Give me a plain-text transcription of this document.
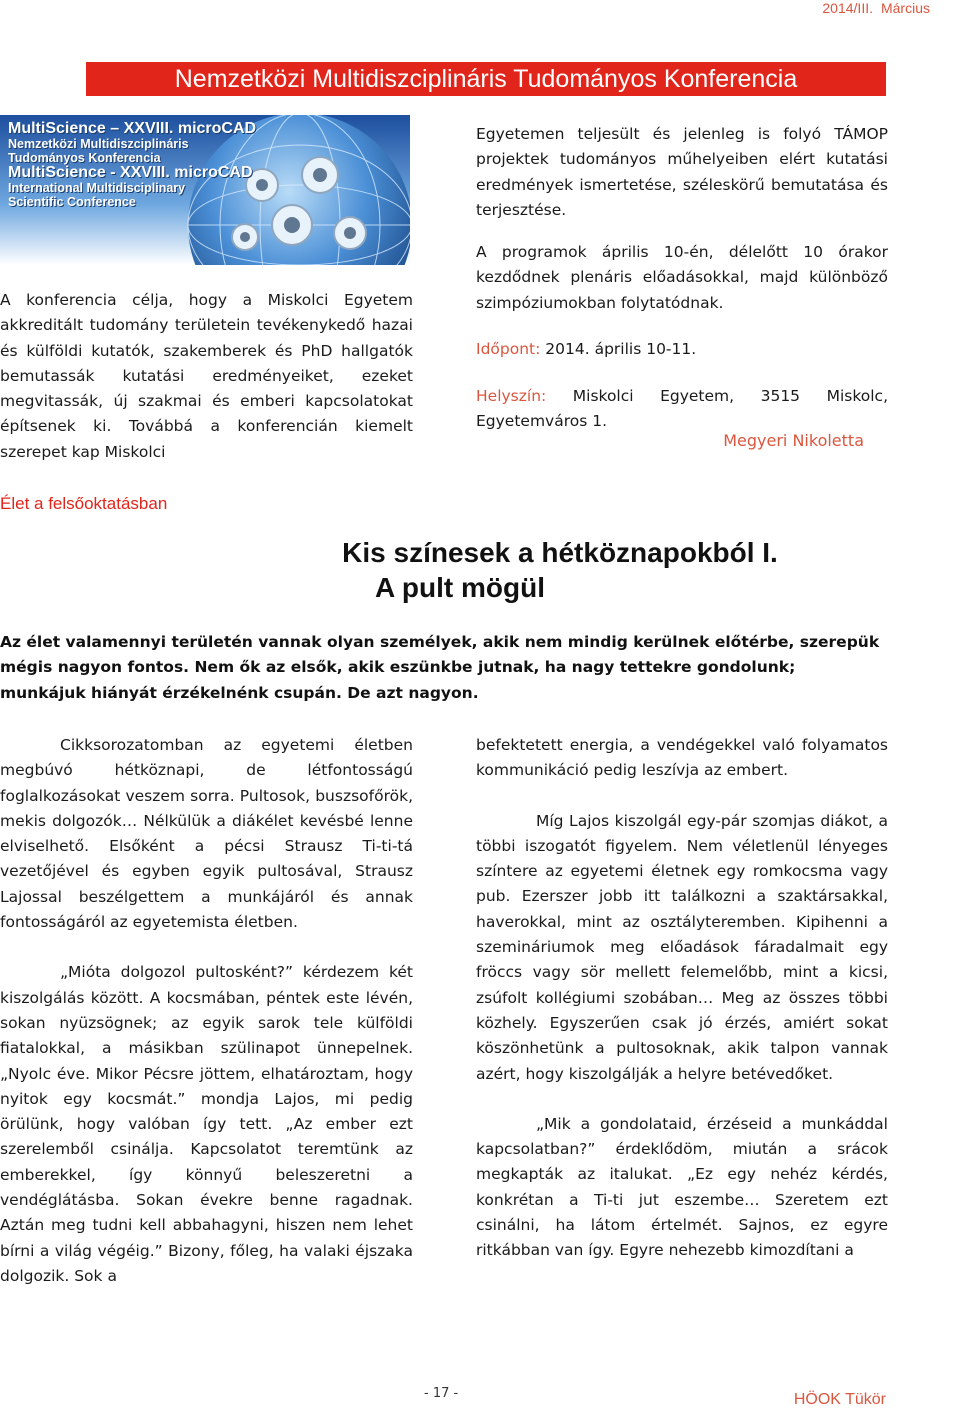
2014/III. Március
Nemzetközi Multidiszciplináris Tudományos Konferencia
MultiScience – XXVIII. microCAD
Nemzetközi Multidiszciplináris
Tudományos Konferencia
MultiScience - XXVIII. microCAD
International Multidisciplinary
Scientific Conference
A konferencia célja, hogy a Miskolci Egyetem akkreditált tudomány területein tevékenykedő hazai és külföldi kutatók, szakemberek és PhD hallgatók bemutassák kutatási eredményeiket, ezeket megvitassák, új szakmai és emberi kapcsolatokat építsenek ki. Továbbá a konferencián kiemelt szerepet kap Miskolci
Egyetemen teljesült és jelenleg is folyó TÁMOP projektek tudományos műhelyeiben elért kutatási eredmények ismertetése, széleskörű bemutatása és terjesztése.
A programok április 10-én, délelőtt 10 órakor kezdődnek plenáris előadásokkal, majd különböző szimpóziumokban folytatódnak.
Időpont: 2014. április 10-11.
Helyszín: Miskolci Egyetem, 3515 Miskolc, Egyetemváros 1.
Megyeri Nikoletta
Élet a felsőoktatásban
Kis színesek a hétköznapokból I.
A pult mögül
Az élet valamennyi területén vannak olyan személyek, akik nem mindig kerülnek előtérbe, szerepük mégis nagyon fontos. Nem ők az elsők, akik eszünkbe jutnak, ha nagy tettekre gondolunk; munkájuk hiányát érzékelnénk csupán. De azt nagyon.

Cikksorozatomban az egyetemi életben megbúvó hétköznapi, de létfontosságú foglalkozásokat veszem sorra. Pultosok, buszsofőrök, mekis dolgozók… Nélkülük a diákélet kevésbé lenne elviselhető. Elsőként a pécsi Strausz Ti-ti-tá vezetőjével és egyben egyik pultosával, Strausz Lajossal beszélgettem a munkájáról és annak fontosságáról az egyetemista életben.

„Mióta dolgozol pultosként?” kérdezem két kiszolgálás között. A kocsmában, péntek este lévén, sokan nyüzsögnek; az egyik sarok tele külföldi fiatalokkal, a másikban szülinapot ünnepelnek. „Nyolc éve. Mikor Pécsre jöttem, elhatároztam, hogy nyitok egy kocsmát.” mondja Lajos, mi pedig örülünk, hogy valóban így tett. „Az ember ezt szerelemből csinálja. Kapcsolatot teremtünk az emberekkel, így könnyű beleszeretni a vendéglátásba. Sokan évekre benne ragadnak. Aztán meg tudni kell abbahagyni, hiszen nem lehet bírni a világ végéig.” Bizony, főleg, ha valaki éjszaka dolgozik. Sok a

befektetett energia, a vendégekkel való folyamatos kommunikáció pedig leszívja az embert.

Míg Lajos kiszolgál egy-pár szomjas diákot, a többi iszogatót figyelem. Nem véletlenül lényeges színtere az egyetemi életnek egy romkocsma vagy pub. Ezerszer jobb itt találkozni a szaktársakkal, haverokkal, mint az osztályteremben. Kipihenni a szemináriumok meg előadások fáradalmait egy fröccs vagy sör mellett felemelőbb, mint a kicsi, zsúfolt kollégiumi szobában… Meg az összes többi közhely. Egyszerűen csak jó érzés, amiért sokat köszönhetünk a pultosoknak, akik talpon vannak azért, hogy kiszolgálják a helyre betévedőket.

„Mik a gondolataid, érzéseid a munkáddal kapcsolatban?” érdeklődöm, miután a srácok megkapták az italukat. „Ez egy nehéz kérdés, konkrétan a Ti-ti jut eszembe… Szeretem ezt csinálni, ha látom értelmét. Sajnos, ez egyre ritkábban van így. Egyre nehezebb kimozdítani a

- 17 -	HÖOK Tükör
